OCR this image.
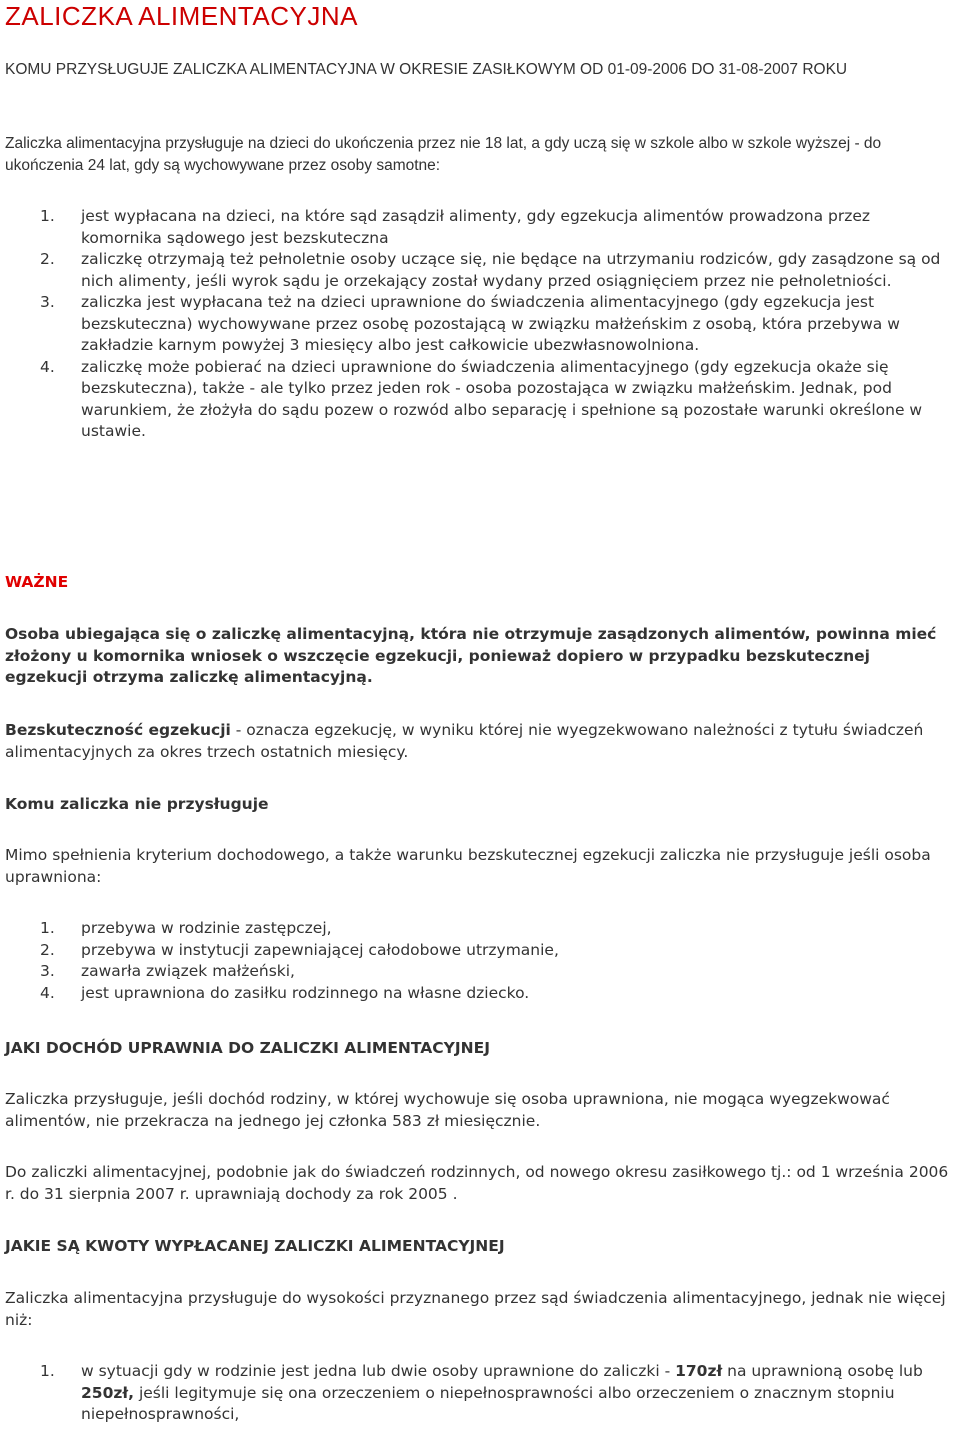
ZALICZKA ALIMENTACYJNA

KOMU PRZYSŁUGUJE ZALICZKA ALIMENTACYJNA W OKRESIE ZASIŁKOWYM OD 01-09-2006 DO 31-08-2007 ROKU

Zaliczka alimentacyjna przysługuje na dzieci do ukończenia przez nie 18 lat, a gdy uczą się w szkole albo w szkole wyższej - do ukończenia 24 lat, gdy są wychowywane przez osoby samotne:

1. jest wypłacana na dzieci, na które sąd zasądził alimenty, gdy egzekucja alimentów prowadzona przez komornika sądowego jest bezskuteczna
2. zaliczkę otrzymają też pełnoletnie osoby uczące się, nie będące na utrzymaniu rodziców, gdy zasądzone są od nich alimenty, jeśli wyrok sądu je orzekający został wydany przed osiągnięciem przez nie pełnoletniości.
3. zaliczka jest wypłacana też na dzieci uprawnione do świadczenia alimentacyjnego (gdy egzekucja jest bezskuteczna) wychowywane przez osobę pozostającą w związku małżeńskim z osobą, która przebywa w zakładzie karnym powyżej 3 miesięcy albo jest całkowicie ubezwłasnowolniona.
4. zaliczkę może pobierać na dzieci uprawnione do świadczenia alimentacyjnego (gdy egzekucja okaże się bezskuteczna), także - ale tylko przez jeden rok - osoba pozostająca w związku małżeńskim. Jednak, pod warunkiem, że złożyła do sądu pozew o rozwód albo separację i spełnione są pozostałe warunki określone w ustawie.

WAŻNE

Osoba ubiegająca się o zaliczkę alimentacyjną, która nie otrzymuje zasądzonych alimentów, powinna mieć złożony u komornika wniosek o wszczęcie egzekucji, ponieważ dopiero w przypadku bezskutecznej egzekucji otrzyma zaliczkę alimentacyjną.

Bezskuteczność egzekucji - oznacza egzekucję, w wyniku której nie wyegzekwowano należności z tytułu świadczeń alimentacyjnych za okres trzech ostatnich miesięcy.

Komu zaliczka nie przysługuje

Mimo spełnienia kryterium dochodowego, a także warunku bezskutecznej egzekucji zaliczka nie przysługuje jeśli osoba uprawniona:

1. przebywa w rodzinie zastępczej,
2. przebywa w instytucji zapewniającej całodobowe utrzymanie,
3. zawarła związek małżeński,
4. jest uprawniona do zasiłku rodzinnego na własne dziecko.

JAKI DOCHÓD UPRAWNIA DO ZALICZKI ALIMENTACYJNEJ

Zaliczka przysługuje, jeśli dochód rodziny, w której wychowuje się osoba uprawniona, nie mogąca wyegzekwować alimentów, nie przekracza na jednego jej członka 583 zł miesięcznie.

Do zaliczki alimentacyjnej, podobnie jak do świadczeń rodzinnych, od nowego okresu zasiłkowego tj.: od 1 września 2006 r. do 31 sierpnia 2007 r. uprawniają dochody za rok 2005 .

JAKIE SĄ KWOTY WYPŁACANEJ ZALICZKI ALIMENTACYJNEJ

Zaliczka alimentacyjna przysługuje do wysokości przyznanego przez sąd świadczenia alimentacyjnego, jednak nie więcej niż:

1. w sytuacji gdy w rodzinie jest jedna lub dwie osoby uprawnione do zaliczki - 170zł na uprawnioną osobę lub 250zł, jeśli legitymuje się ona orzeczeniem o niepełnosprawności albo orzeczeniem o znacznym stopniu niepełnosprawności,
